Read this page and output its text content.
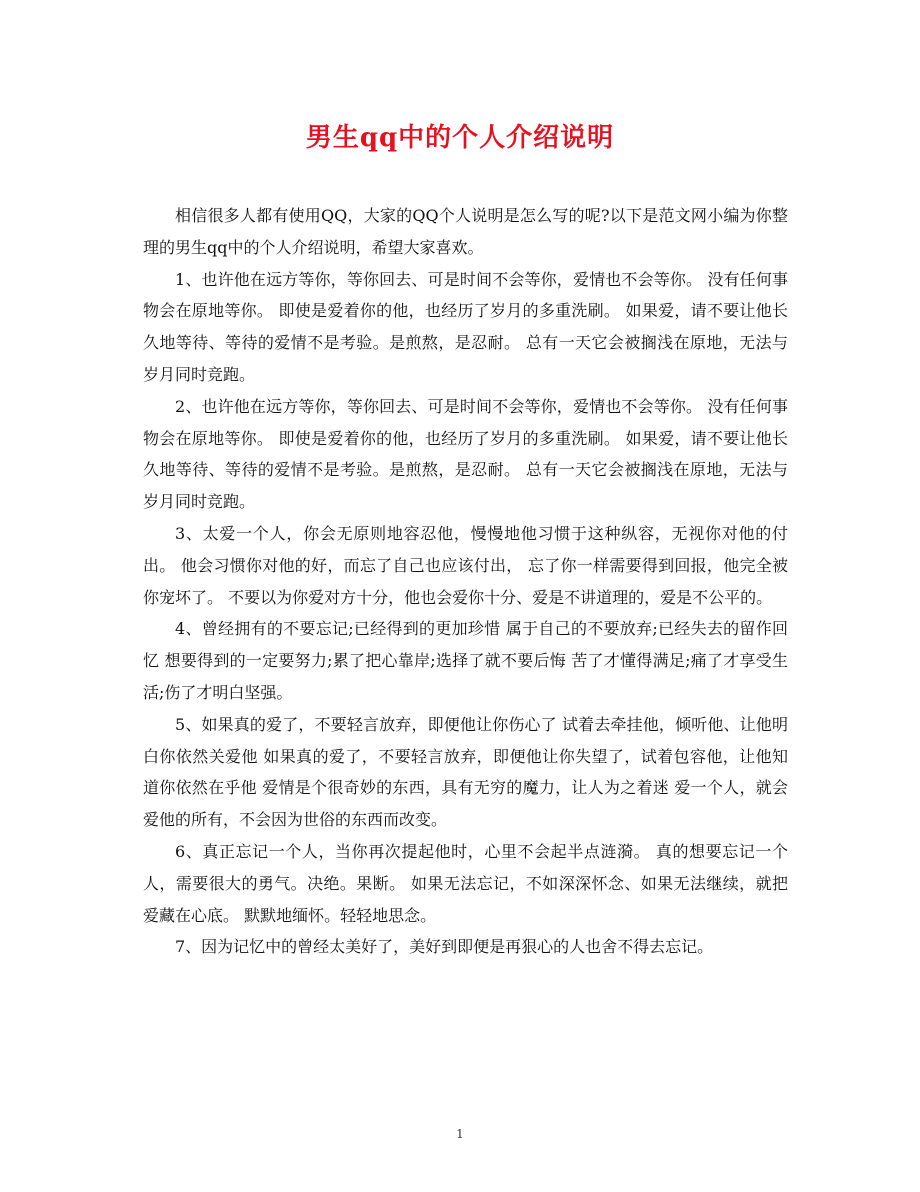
男生qq中的个人介绍说明

相信很多人都有使用QQ，大家的QQ个人说明是怎么写的呢?以下是范文网小编为你整理的男生qq中的个人介绍说明，希望大家喜欢。

1、也许他在远方等你，等你回去、可是时间不会等你，爱情也不会等你。 没有任何事物会在原地等你。 即使是爱着你的他，也经历了岁月的多重洗刷。 如果爱，请不要让他长久地等待、等待的爱情不是考验。是煎熬，是忍耐。 总有一天它会被搁浅在原地，无法与岁月同时竞跑。

2、也许他在远方等你，等你回去、可是时间不会等你，爱情也不会等你。 没有任何事物会在原地等你。 即使是爱着你的他，也经历了岁月的多重洗刷。 如果爱，请不要让他长久地等待、等待的爱情不是考验。是煎熬，是忍耐。 总有一天它会被搁浅在原地，无法与岁月同时竞跑。

3、太爱一个人，你会无原则地容忍他，慢慢地他习惯于这种纵容，无视你对他的付出。 他会习惯你对他的好，而忘了自己也应该付出， 忘了你一样需要得到回报，他完全被你宠坏了。 不要以为你爱对方十分，他也会爱你十分、爱是不讲道理的，爱是不公平的。

4、曾经拥有的不要忘记;已经得到的更加珍惜 属于自己的不要放弃;已经失去的留作回忆 想要得到的一定要努力;累了把心靠岸;选择了就不要后悔 苦了才懂得满足;痛了才享受生活;伤了才明白坚强。

5、如果真的爱了，不要轻言放弃，即便他让你伤心了 试着去牵挂他，倾听他、让他明白你依然关爱他 如果真的爱了，不要轻言放弃，即便他让你失望了，试着包容他，让他知道你依然在乎他 爱情是个很奇妙的东西，具有无穷的魔力，让人为之着迷 爱一个人，就会爱他的所有，不会因为世俗的东西而改变。

6、真正忘记一个人，当你再次提起他时，心里不会起半点涟漪。 真的想要忘记一个人，需要很大的勇气。决绝。果断。 如果无法忘记，不如深深怀念、如果无法继续，就把爱藏在心底。 默默地缅怀。轻轻地思念。

7、因为记忆中的曾经太美好了，美好到即便是再狠心的人也舍不得去忘记。

1
